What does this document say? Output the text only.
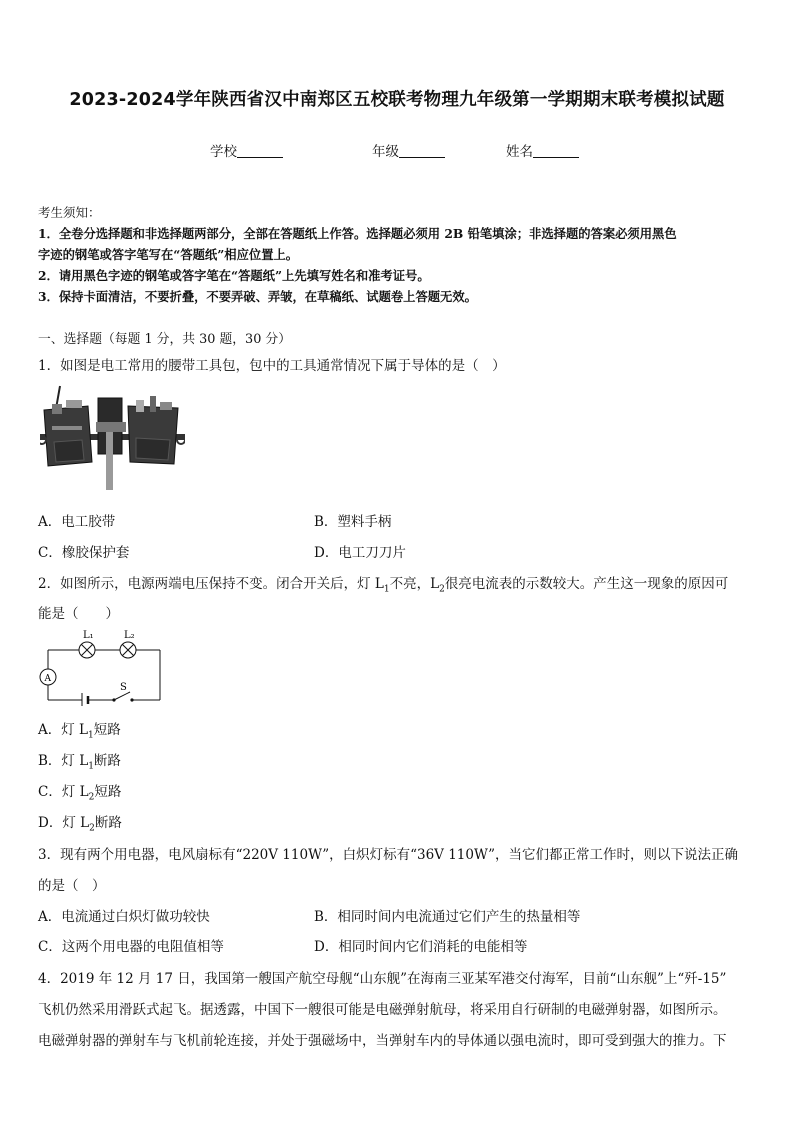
2023-2024学年陕西省汉中南郑区五校联考物理九年级第一学期期末联考模拟试题
学校	年级	姓名
考生须知：
1．全卷分选择题和非选择题两部分，全部在答题纸上作答。选择题必须用 2B 铅笔填涂；非选择题的答案必须用黑色
字迹的钢笔或答字笔写在“答题纸”相应位置上。
2．请用黑色字迹的钢笔或答字笔在“答题纸”上先填写姓名和准考证号。
3．保持卡面清洁，不要折叠，不要弄破、弄皱，在草稿纸、试题卷上答题无效。
一、选择题（每题 1 分，共 30 题，30 分）
1．如图是电工常用的腰带工具包，包中的工具通常情况下属于导体的是（　）
A．电工胶带	B．塑料手柄
C．橡胶保护套	D．电工刀刀片
2．如图所示，电源两端电压保持不变。闭合开关后，灯 $L_1$不亮，$L_2$很亮电流表的示数较大。产生这一现象的原因可
能是（　　）
L₁	L₂
A
S
A．灯 $L_1$短路
B．灯 $L_1$断路
C．灯 $L_2$短路
D．灯 $L_2$断路
3．现有两个用电器，电风扇标有“220V 110W”，白炽灯标有“36V 110W”，当它们都正常工作时，则以下说法正确
的是（　）
A．电流通过白炽灯做功较快	B．相同时间内电流通过它们产生的热量相等
C．这两个用电器的电阻值相等	D．相同时间内它们消耗的电能相等
4．2019 年 12 月 17 日，我国第一艘国产航空母舰“山东舰”在海南三亚某军港交付海军，目前“山东舰”上“歼-15”
飞机仍然采用滑跃式起飞。据透露，中国下一艘很可能是电磁弹射航母，将采用自行研制的电磁弹射器，如图所示。
电磁弹射器的弹射车与飞机前轮连接，并处于强磁场中，当弹射车内的导体通以强电流时，即可受到强大的推力。下
